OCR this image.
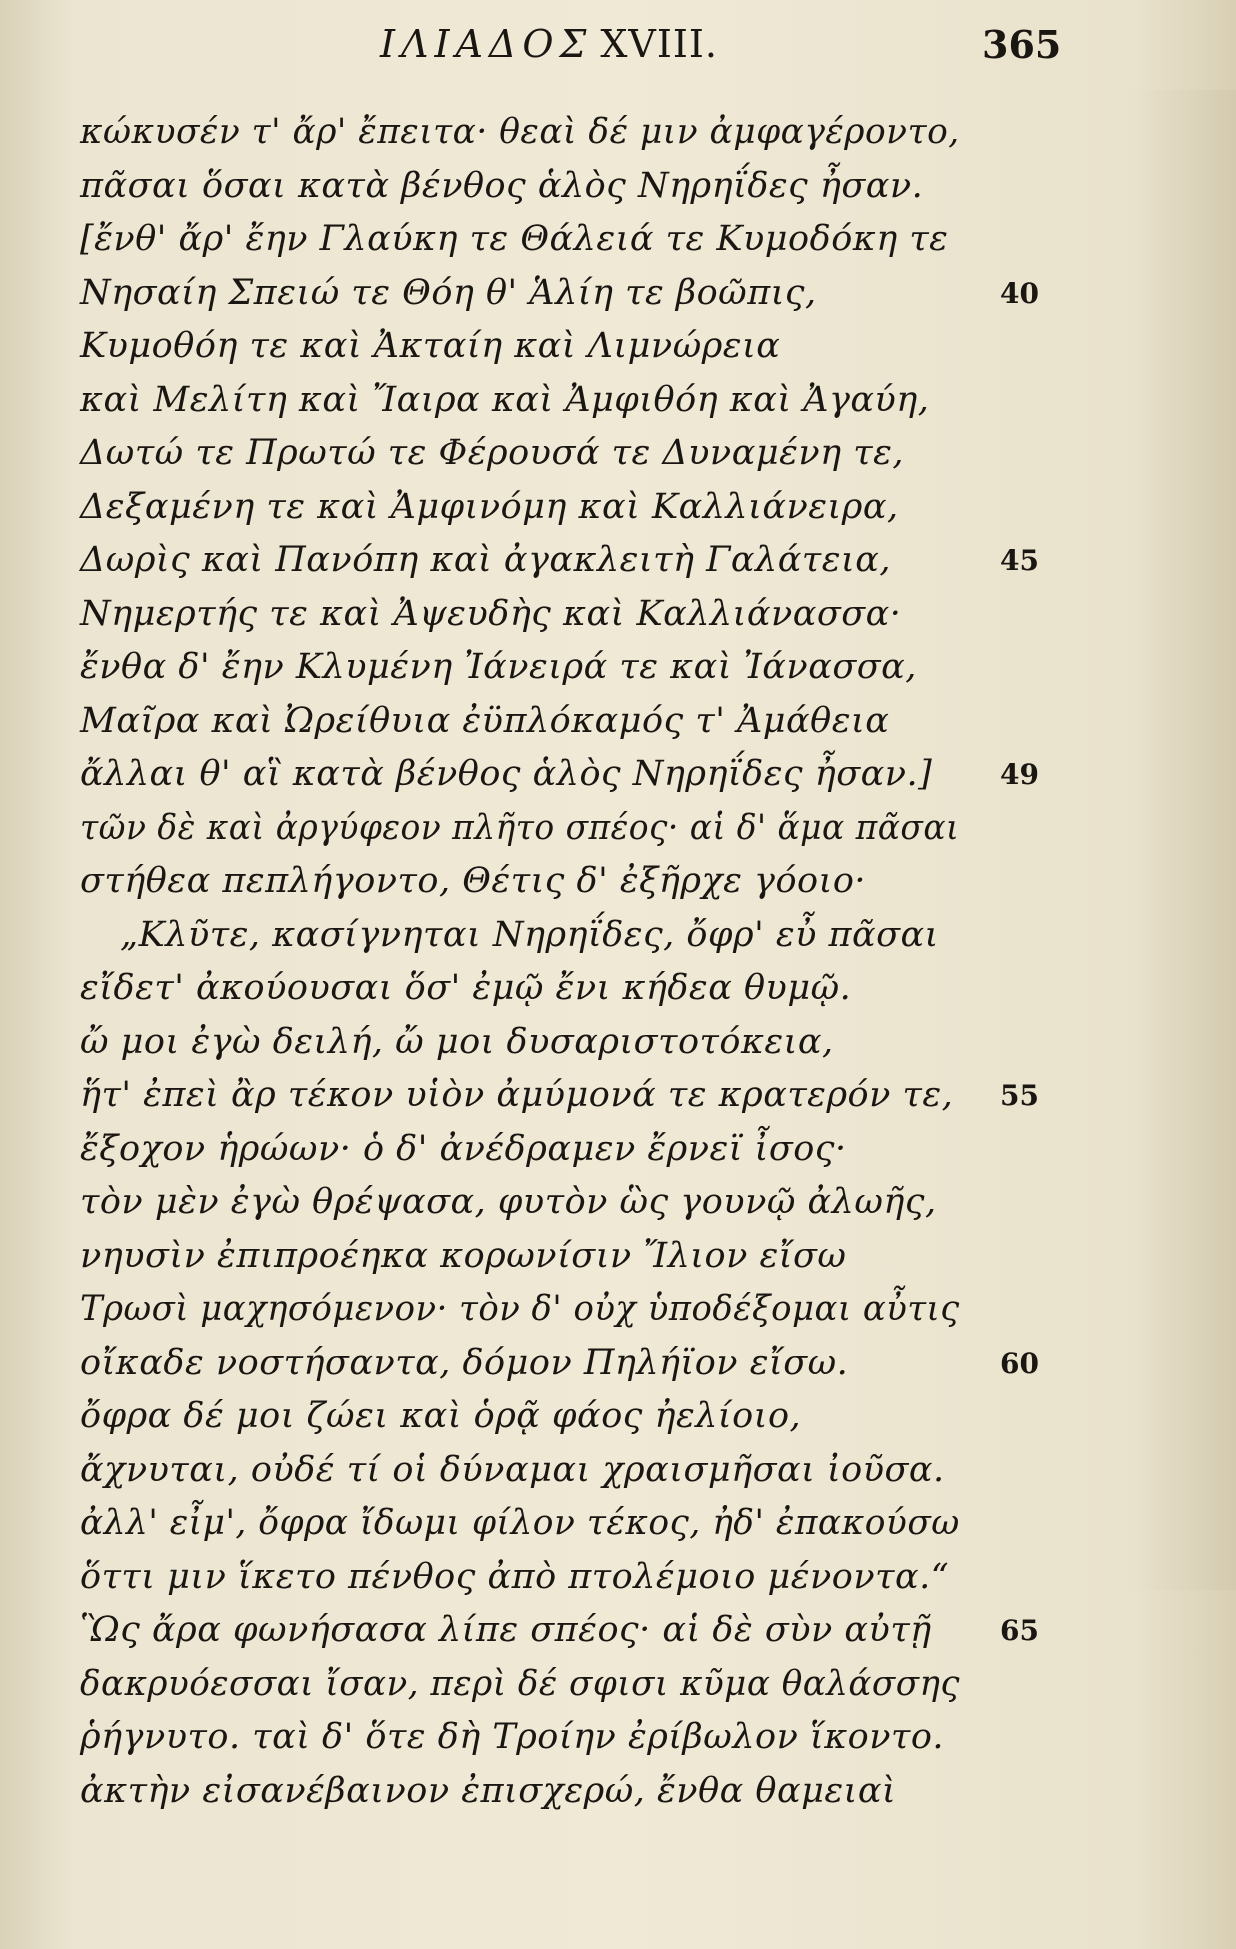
ΙΛΙΑΔΟΣ XVIII.	365
κώκυσέν τ' ἄρ' ἔπειτα· θεαὶ δέ μιν ἀμφαγέροντο,
πᾶσαι ὅσαι κατὰ βένθος ἁλὸς Νηρηΐδες ἦσαν.
[ἔνθ' ἄρ' ἔην Γλαύκη τε Θάλειά τε Κυμοδόκη τε
Νησαίη Σπειώ τε Θόη θ' Ἁλίη τε βοῶπις,	40
Κυμοθόη τε καὶ Ἀκταίη καὶ Λιμνώρεια
καὶ Μελίτη καὶ Ἴαιρα καὶ Ἀμφιθόη καὶ Ἀγαύη,
Δωτώ τε Πρωτώ τε Φέρουσά τε Δυναμένη τε,
Δεξαμένη τε καὶ Ἀμφινόμη καὶ Καλλιάνειρα,
Δωρὶς καὶ Πανόπη καὶ ἀγακλειτὴ Γαλάτεια,	45
Νημερτής τε καὶ Ἀψευδὴς καὶ Καλλιάνασσα·
ἔνθα δ' ἔην Κλυμένη Ἰάνειρά τε καὶ Ἰάνασσα,
Μαῖρα καὶ Ὠρείθυια ἐϋπλόκαμός τ' Ἀμάθεια
ἄλλαι θ' αἳ κατὰ βένθος ἁλὸς Νηρηΐδες ἦσαν.] 49
τῶν δὲ καὶ ἀργύφεον πλῆτο σπέος· αἱ δ' ἅμα πᾶσαι
στήθεα πεπλήγοντο, Θέτις δ' ἐξῆρχε γόοιο·
„Κλῦτε, κασίγνηται Νηρηΐδες, ὄφρ' εὖ πᾶσαι
εἴδετ' ἀκούουσαι ὅσ' ἐμῷ ἔνι κήδεα θυμῷ.
ὤ μοι ἐγὼ δειλή, ὤ μοι δυσαριστοτόκεια,
ἥτ' ἐπεὶ ἂρ τέκον υἱὸν ἀμύμονά τε κρατερόν τε, 55
ἔξοχον ἡρώων· ὁ δ' ἀνέδραμεν ἔρνεϊ ἶσος·
τὸν μὲν ἐγὼ θρέψασα, φυτὸν ὣς γουνῷ ἀλωῆς,
νηυσὶν ἐπιπροέηκα κορωνίσιν Ἴλιον εἴσω
Τρωσὶ μαχησόμενον· τὸν δ' οὐχ ὑποδέξομαι αὖτις
οἴκαδε νοστήσαντα, δόμον Πηλήϊον εἴσω.	60
ὄφρα δέ μοι ζώει καὶ ὁρᾷ φάος ἠελίοιο,
ἄχνυται, οὐδέ τί οἱ δύναμαι χραισμῆσαι ἰοῦσα.
ἀλλ' εἶμ', ὄφρα ἴδωμι φίλον τέκος, ἠδ' ἐπακούσω
ὅττι μιν ἵκετο πένθος ἀπὸ πτολέμοιο μένοντα.“
Ὣς ἄρα φωνήσασα λίπε σπέος· αἱ δὲ σὺν αὐτῇ 65
δακρυόεσσαι ἴσαν, περὶ δέ σφισι κῦμα θαλάσσης
ῥήγνυτο. ταὶ δ' ὅτε δὴ Τροίην ἐρίβωλον ἵκοντο.
ἀκτὴν εἰσανέβαινον ἐπισχερώ, ἔνθα θαμειαὶ
